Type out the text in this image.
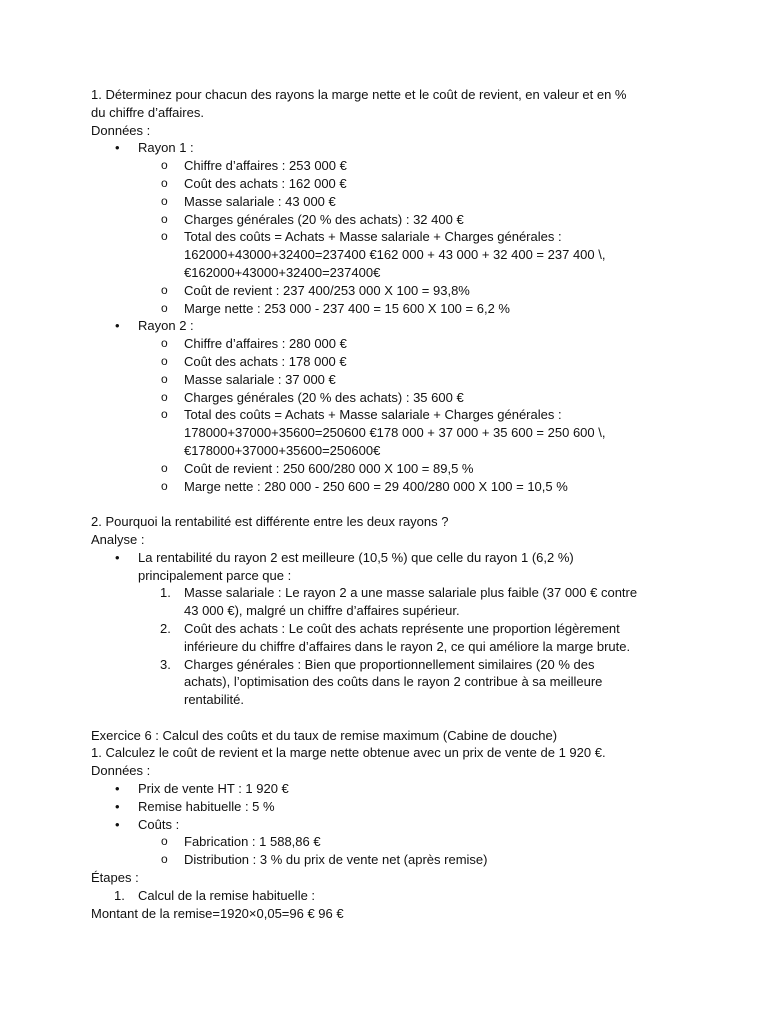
1. Déterminez pour chacun des rayons la marge nette et le coût de revient, en valeur et en %

du chiffre d’affaires.

Données :

• Rayon 1 :

o Chiffre d’affaires : 253 000 €

o Coût des achats : 162 000 €

o Masse salariale : 43 000 €

o Charges générales (20 % des achats) : 32 400 €

o Total des coûts = Achats + Masse salariale + Charges générales :

162000+43000+32400=237400 €162 000 + 43 000 + 32 400 = 237 400 \,

€162000+43000+32400=237400€

o Coût de revient : 237 400/253 000 X 100 = 93,8%

o Marge nette : 253 000 - 237 400 = 15 600 X 100 = 6,2 %

• Rayon 2 :

o Chiffre d’affaires : 280 000 €

o Coût des achats : 178 000 €

o Masse salariale : 37 000 €

o Charges générales (20 % des achats) : 35 600 €

o Total des coûts = Achats + Masse salariale + Charges générales :

178000+37000+35600=250600 €178 000 + 37 000 + 35 600 = 250 600 \,

€178000+37000+35600=250600€

o Coût de revient : 250 600/280 000 X 100 = 89,5 %

o Marge nette : 280 000 - 250 600 = 29 400/280 000 X 100 = 10,5 %

2. Pourquoi la rentabilité est différente entre les deux rayons ?

Analyse :

• La rentabilité du rayon 2 est meilleure (10,5 %) que celle du rayon 1 (6,2 %)

principalement parce que :

1. Masse salariale : Le rayon 2 a une masse salariale plus faible (37 000 € contre

43 000 €), malgré un chiffre d’affaires supérieur.

2. Coût des achats : Le coût des achats représente une proportion légèrement

inférieure du chiffre d’affaires dans le rayon 2, ce qui améliore la marge brute.

3. Charges générales : Bien que proportionnellement similaires (20 % des

achats), l’optimisation des coûts dans le rayon 2 contribue à sa meilleure

rentabilité.

Exercice 6 : Calcul des coûts et du taux de remise maximum (Cabine de douche)

1. Calculez le coût de revient et la marge nette obtenue avec un prix de vente de 1 920 €.

Données :

• Prix de vente HT : 1 920 €

• Remise habituelle : 5 %

• Coûts :

o Fabrication : 1 588,86 €

o Distribution : 3 % du prix de vente net (après remise)

Étapes :

1. Calcul de la remise habituelle :

Montant de la remise=1920×0,05=96 € 96 €
